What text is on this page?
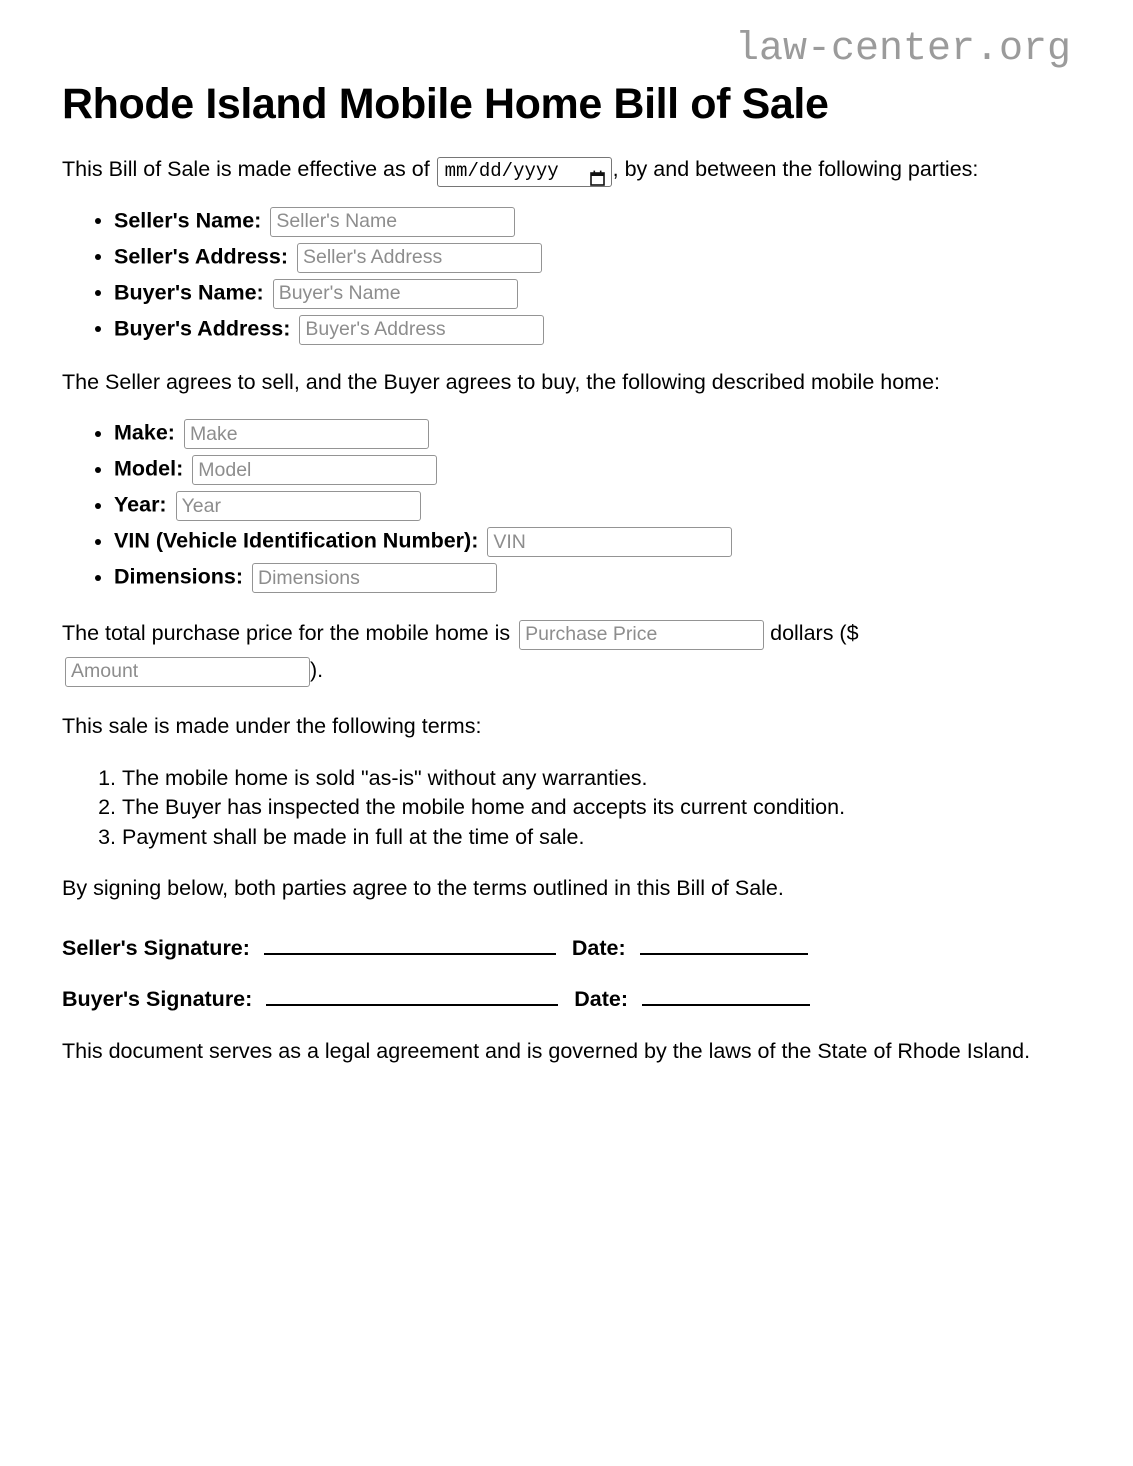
law-center.org
Rhode Island Mobile Home Bill of Sale

This Bill of Sale is made effective as of mm/dd/yyyy	, by and between the following parties:

• Seller's Name: Seller's Name
• Seller's Address: Seller's Address
• Buyer's Name: Buyer's Name
• Buyer's Address: Buyer's Address

The Seller agrees to sell, and the Buyer agrees to buy, the following described mobile home:

• Make: Make
• Model: Model
• Year: Year
• VIN (Vehicle Identification Number): VIN
• Dimensions: Dimensions

The total purchase price for the mobile home is Purchase Price	dollars ($ Amount).

This sale is made under the following terms:

1. The mobile home is sold "as-is" without any warranties.
2. The Buyer has inspected the mobile home and accepts its current condition.
3. Payment shall be made in full at the time of sale.

By signing below, both parties agree to the terms outlined in this Bill of Sale.

Seller's Signature:	Date:
Buyer's Signature:	Date:

This document serves as a legal agreement and is governed by the laws of the State of Rhode Island.
